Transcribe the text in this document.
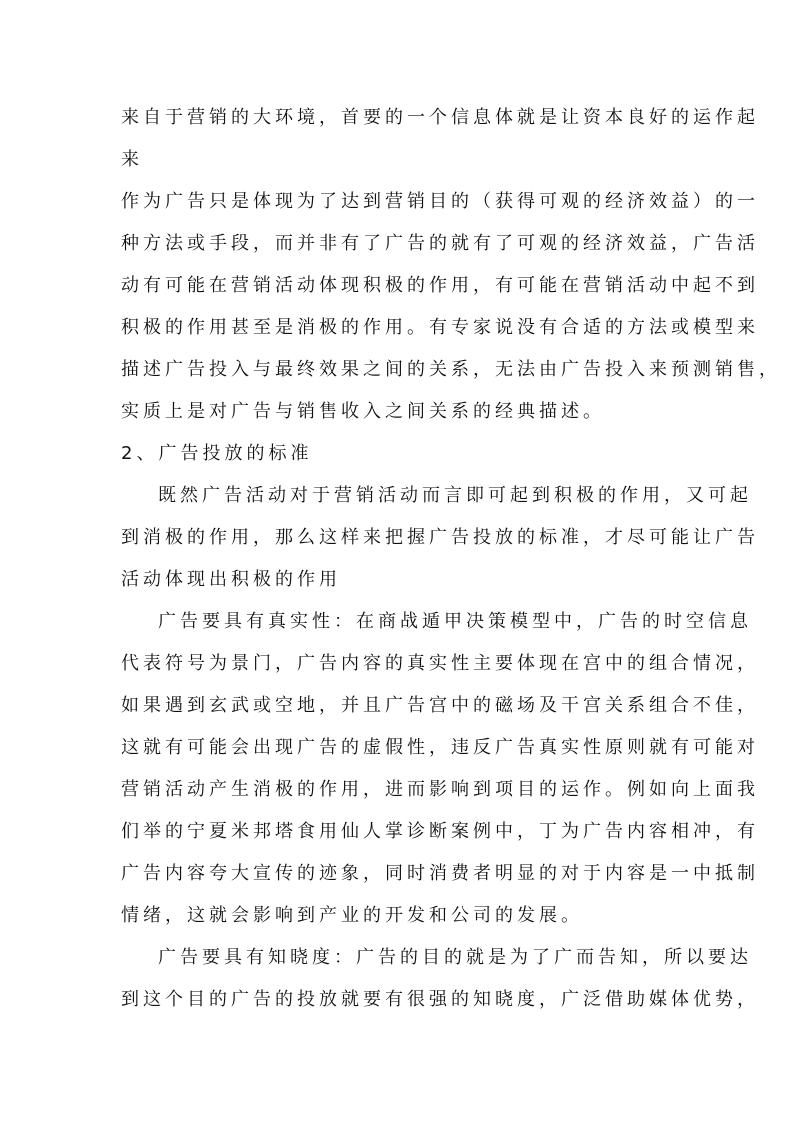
来自于营销的大环境，首要的一个信息体就是让资本良好的运作起
来
作为广告只是体现为了达到营销目的（获得可观的经济效益）的一
种方法或手段，而并非有了广告的就有了可观的经济效益，广告活
动有可能在营销活动体现积极的作用，有可能在营销活动中起不到
积极的作用甚至是消极的作用。有专家说没有合适的方法或模型来
描述广告投入与最终效果之间的关系，无法由广告投入来预测销售，
实质上是对广告与销售收入之间关系的经典描述。
2、广告投放的标准
既然广告活动对于营销活动而言即可起到积极的作用，又可起
到消极的作用，那么这样来把握广告投放的标准，才尽可能让广告
活动体现出积极的作用
广告要具有真实性：在商战遁甲决策模型中，广告的时空信息
代表符号为景门，广告内容的真实性主要体现在宫中的组合情况，
如果遇到玄武或空地，并且广告宫中的磁场及干宫关系组合不佳，
这就有可能会出现广告的虚假性，违反广告真实性原则就有可能对
营销活动产生消极的作用，进而影响到项目的运作。例如向上面我
们举的宁夏米邦塔食用仙人掌诊断案例中，丁为广告内容相冲，有
广告内容夸大宣传的迹象，同时消费者明显的对于内容是一中抵制
情绪，这就会影响到产业的开发和公司的发展。
广告要具有知晓度：广告的目的就是为了广而告知，所以要达
到这个目的广告的投放就要有很强的知晓度，广泛借助媒体优势，
